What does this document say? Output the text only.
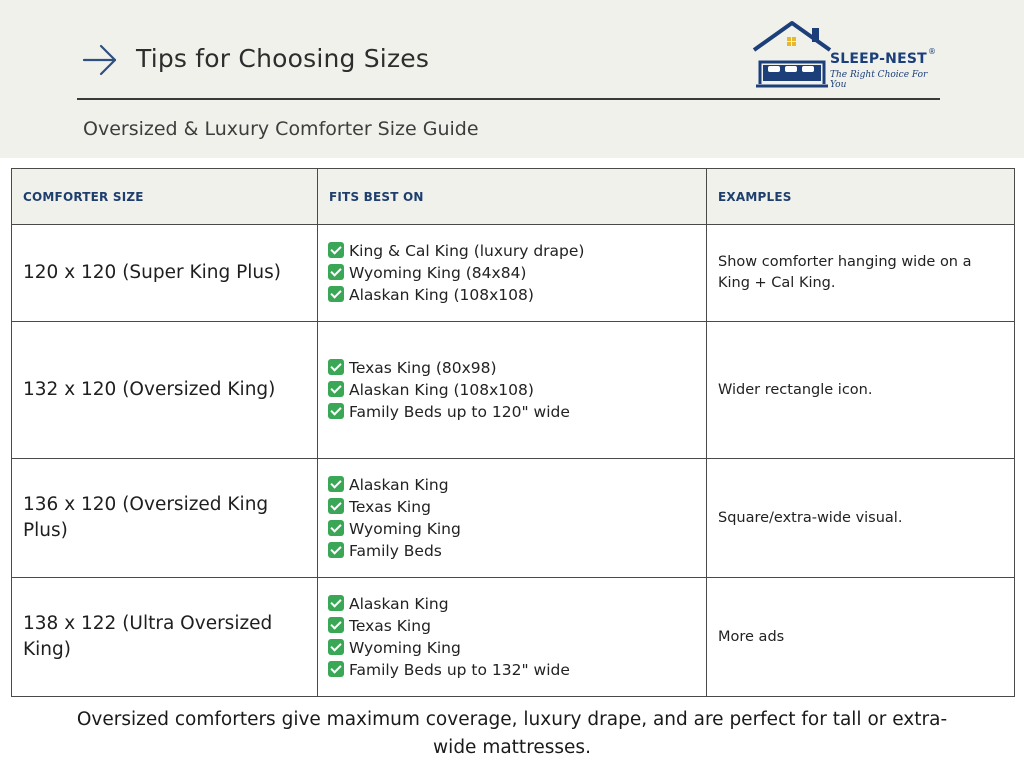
Tips for Choosing Sizes
Oversized & Luxury Comforter Size Guide
SLEEP-NEST ®
The Right Choice For You
COMFORTER SIZE	FITS BEST ON	EXAMPLES
120 x 120 (Super King Plus)	King & Cal King (luxury drape)
Wyoming King (84x84)
Alaskan King (108x108)	Show comforter hanging wide on a King + Cal King.
132 x 120 (Oversized King)	Texas King (80x98)
Alaskan King (108x108)
Family Beds up to 120" wide	Wider rectangle icon.
136 x 120 (Oversized King Plus)	Alaskan King
Texas King
Wyoming King
Family Beds	Square/extra-wide visual.
138 x 122 (Ultra Oversized King)	Alaskan King
Texas King
Wyoming King
Family Beds up to 132" wide	More ads
Oversized comforters give maximum coverage, luxury drape, and are perfect for tall or extra-wide mattresses.
